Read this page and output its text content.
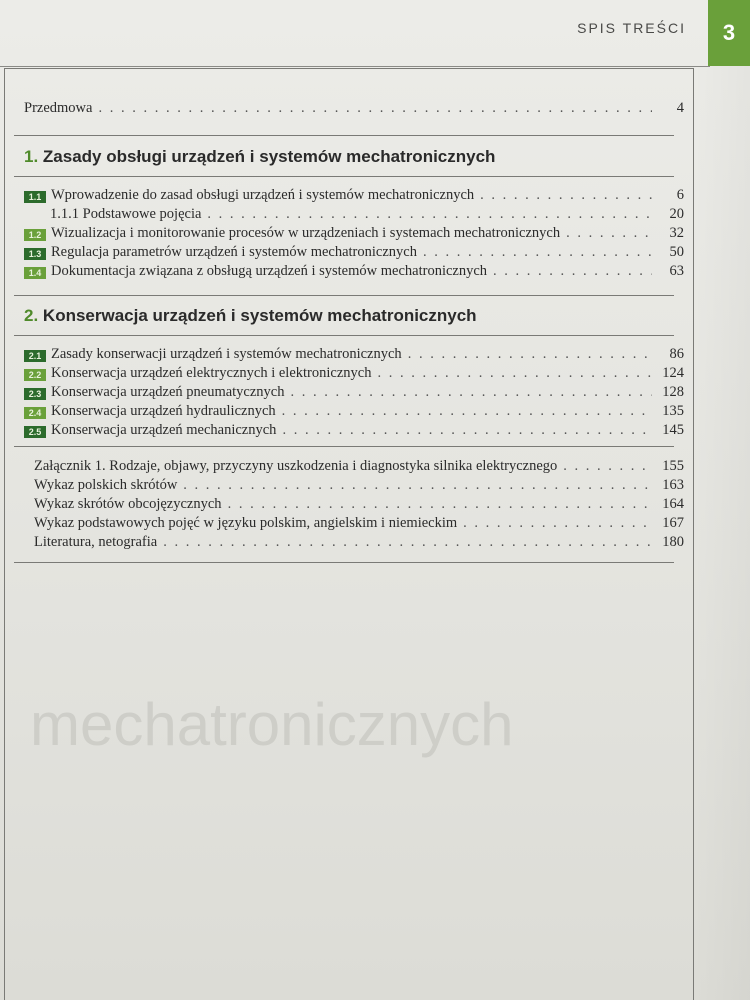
mechatronicznych
SPIS TREŚCI 3
Przedmowa . . .	4
1. Zasady obsługi urządzeń i systemów mechatronicznych
1.1 Wprowadzenie do zasad obsługi urządzeń i systemów mechatronicznych . . .	6
1.1.1 Podstawowe pojęcia . . .	20
1.2 Wizualizacja i monitorowanie procesów w urządzeniach i systemach mechatronicznych . . .	32
1.3 Regulacja parametrów urządzeń i systemów mechatronicznych . . .	50
1.4 Dokumentacja związana z obsługą urządzeń i systemów mechatronicznych . . .	63
2. Konserwacja urządzeń i systemów mechatronicznych
2.1 Zasady konserwacji urządzeń i systemów mechatronicznych . . .	86
2.2 Konserwacja urządzeń elektrycznych i elektronicznych . . .	124
2.3 Konserwacja urządzeń pneumatycznych . . .	128
2.4 Konserwacja urządzeń hydraulicznych . . .	135
2.5 Konserwacja urządzeń mechanicznych . . .	145
Załącznik 1. Rodzaje, objawy, przyczyny uszkodzenia i diagnostyka silnika elektrycznego . . .	155
Wykaz polskich skrótów . . .	163
Wykaz skrótów obcojęzycznych . . .	164
Wykaz podstawowych pojęć w języku polskim, angielskim i niemieckim . . .	167
Literatura, netografia . . .	180
